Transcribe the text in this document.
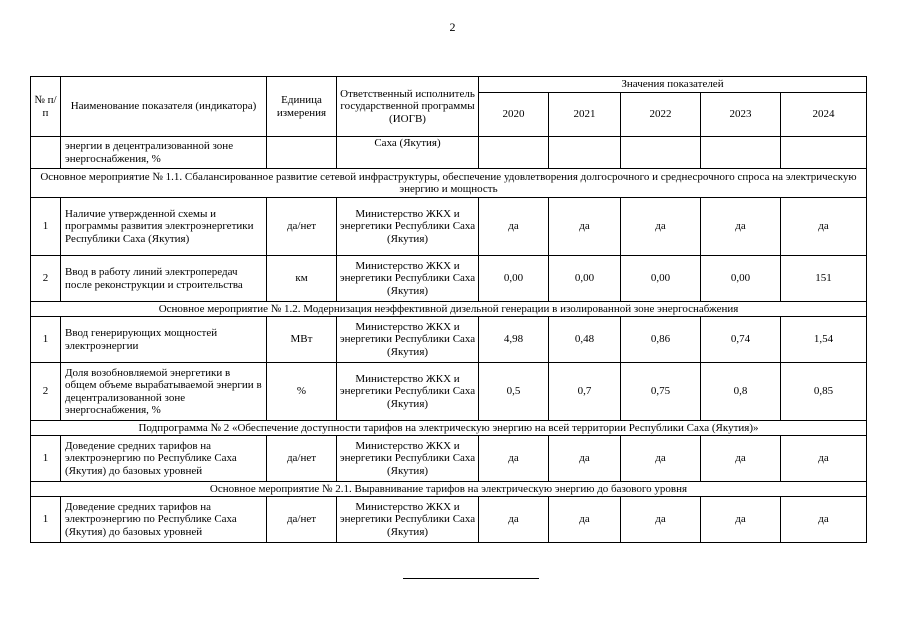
2
№ п/п	Наименование показателя (индикатора)	Единица измерения	Ответственный исполнитель государственной программы (ИОГВ)	Значения показателей				
				2020	2021	2022	2023	2024
	энергии в децентрализованной зоне энергоснабжения, %		Саха (Якутия)					
Основное мероприятие № 1.1. Сбалансированное развитие сетевой инфраструктуры, обеспечение удовлетворения долгосрочного и среднесрочного спроса на электрическую энергию и мощность								
1	Наличие утвержденной схемы и программы развития электроэнергетики Республики Саха (Якутия)	да/нет	Министерство ЖКХ и энергетики Республики Саха (Якутия)	да	да	да	да	да
2	Ввод в работу линий электропередач после реконструкции и строительства	км	Министерство ЖКХ и энергетики Республики Саха (Якутия)	0,00	0,00	0,00	0,00	151
Основное мероприятие № 1.2. Модернизация неэффективной дизельной генерации в изолированной зоне энергоснабжения								
1	Ввод генерирующих мощностей электроэнергии	МВт	Министерство ЖКХ и энергетики Республики Саха (Якутия)	4,98	0,48	0,86	0,74	1,54
2	Доля возобновляемой энергетики в общем объеме вырабатываемой энергии в децентрализованной зоне энергоснабжения, %	%	Министерство ЖКХ и энергетики Республики Саха (Якутия)	0,5	0,7	0,75	0,8	0,85
Подпрограмма № 2 «Обеспечение доступности тарифов на электрическую энергию на всей территории Республики Саха (Якутия)»								
1	Доведение средних тарифов на электроэнергию по Республике Саха (Якутия) до базовых уровней	да/нет	Министерство ЖКХ и энергетики Республики Саха (Якутия)	да	да	да	да	да
Основное мероприятие № 2.1. Выравнивание тарифов на электрическую энергию до базового уровня								
1	Доведение средних тарифов на электроэнергию по Республике Саха (Якутия) до базовых уровней	да/нет	Министерство ЖКХ и энергетики Республики Саха (Якутия)	да	да	да	да	да
